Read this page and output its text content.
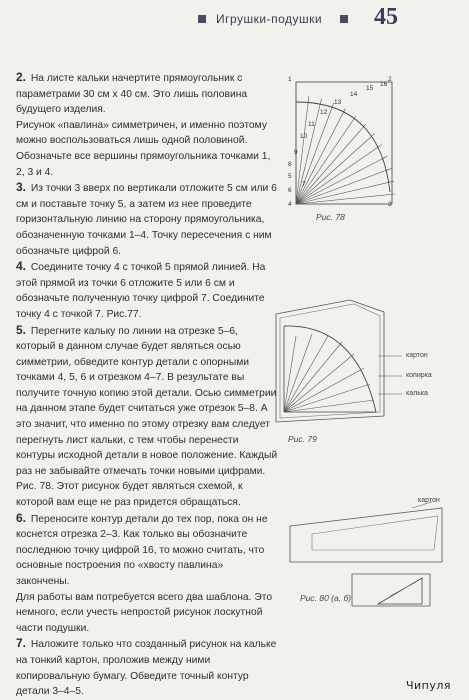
Игрушки-подушки 45

2. На листе кальки начертите прямоугольник с параметрами 30 см х 40 см. Это лишь половина будущего изделия.

Рисунок «павлина» симметричен, и именно поэтому можно воспользоваться лишь одной половиной. Обозначьте все вершины прямоугольника точками 1, 2, 3 и 4.

3. Из точки 3 вверх по вертикали отложите 5 см или 6 см и поставьте точку 5, а затем из нее проведите горизонтальную линию на сторону прямоугольника, обозначенную точками 1–4. Точку пересечения с ним обозначьте цифрой 6.

4. Соедините точку 4 с точкой 5 прямой линией. На этой прямой из точки 6 отложите 5 или 6 см и обозначьте полученную точку цифрой 7. Соедините точку 4 с точкой 7. Рис.77.

5. Перегните кальку по линии на отрезке 5–6, который в данном случае будет являться осью симметрии, обведите контур детали с опорными точками 4, 5, 6 и отрезком 4–7. В результате вы получите точную копию этой детали. Осью симметрии на данном этапе будет считаться уже отрезок 5–8. А это значит, что именно по этому отрезку вам следует перегнуть лист кальки, с тем чтобы перенести контуры исходной детали в новое положение. Каждый раз не забывайте отмечать точки новыми цифрами. Рис. 78. Этот рисунок будет являться схемой, к которой вам еще не раз придется обращаться.

6. Переносите контур детали до тех пор, пока он не коснется отрезка 2–3. Как только вы обозначите последнюю точку цифрой 16, то можно считать, что основные построения по «хвосту павлина» закончены.

Для работы вам потребуется всего два шаблона. Это немного, если учесть непростой рисунок лоскутной части подушки.

7. Наложите только что созданный рисунок на кальке на тонкий картон, проложив между ними копировальную бумагу. Обведите точный контур детали 3–4–5.

1	2
3
4
5
6
7
8
9
10
11
12
13
14
15
16
Рис. 78
картон
копирка
калька
Рис. 79
картон
Рис. 80 (а, б)
Чипуля
